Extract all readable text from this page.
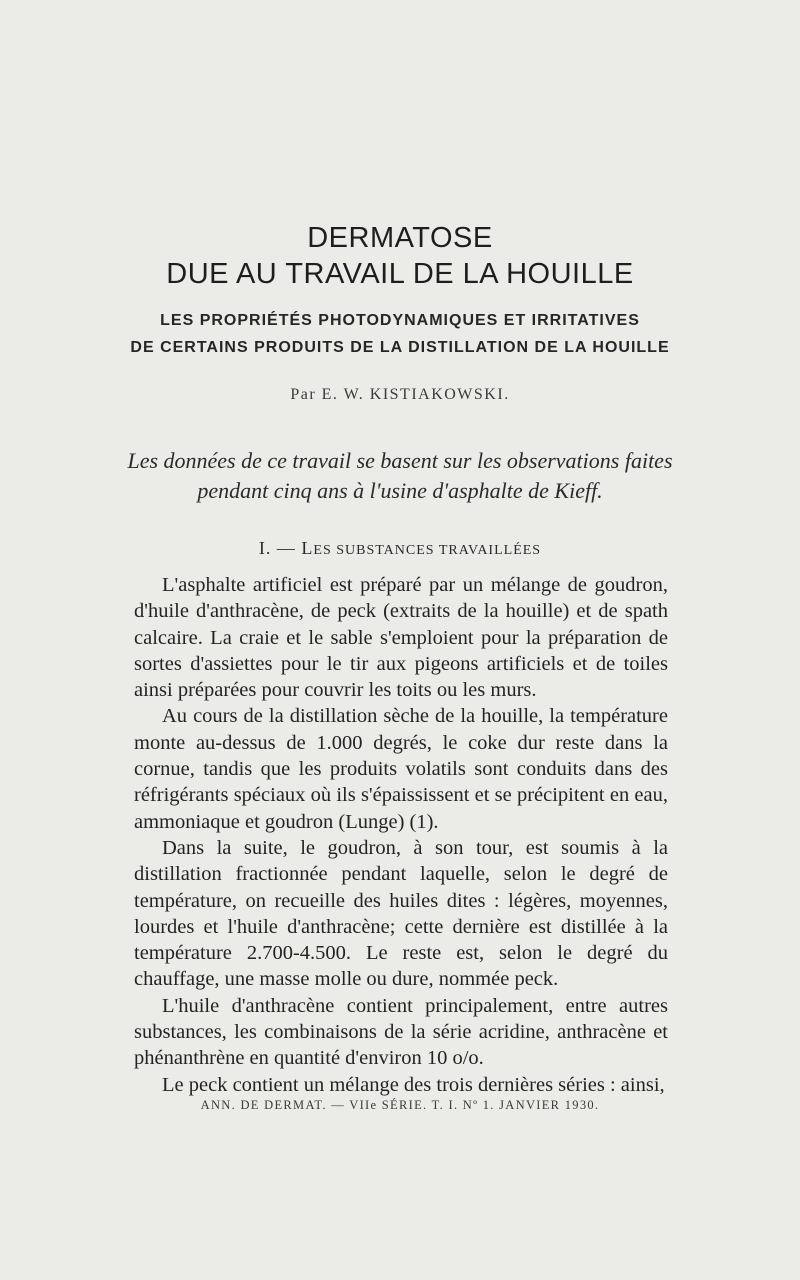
DERMATOSE
DUE AU TRAVAIL DE LA HOUILLE
LES PROPRIÉTÉS PHOTODYNAMIQUES ET IRRITATIVES
DE CERTAINS PRODUITS DE LA DISTILLATION DE LA HOUILLE
Par E. W. KISTIAKOWSKI.
Les données de ce travail se basent sur les observations faites
pendant cinq ans à l'usine d'asphalte de Kieff.
I. — LES SUBSTANCES TRAVAILLÉES

L'asphalte artificiel est préparé par un mélange de goudron, d'huile d'anthracène, de peck (extraits de la houille) et de spath calcaire. La craie et le sable s'emploient pour la préparation de sortes d'assiettes pour le tir aux pigeons artificiels et de toiles ainsi préparées pour couvrir les toits ou les murs.

Au cours de la distillation sèche de la houille, la température monte au-dessus de 1.000 degrés, le coke dur reste dans la cornue, tandis que les produits volatils sont conduits dans des réfrigérants spéciaux où ils s'épaississent et se précipitent en eau, ammoniaque et goudron (Lunge) (1).

Dans la suite, le goudron, à son tour, est soumis à la distillation fractionnée pendant laquelle, selon le degré de température, on recueille des huiles dites : légères, moyennes, lourdes et l'huile d'anthracène; cette dernière est distillée à la température 2.700-4.500. Le reste est, selon le degré du chauffage, une masse molle ou dure, nommée peck.

L'huile d'anthracène contient principalement, entre autres substances, les combinaisons de la série acridine, anthracène et phénanthrène en quantité d'environ 10 o/o.

Le peck contient un mélange des trois dernières séries : ainsi,

ANN. DE DERMAT. — VIIe SÉRIE. T. I. Nº 1. JANVIER 1930.
